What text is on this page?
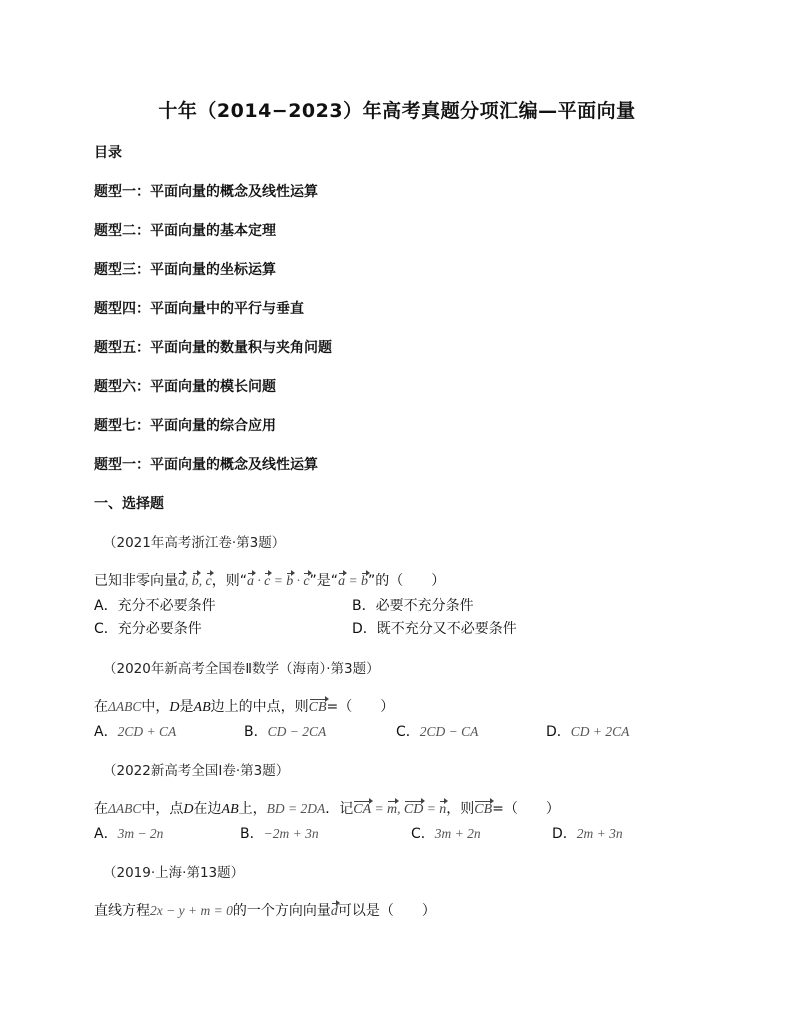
十年（2014−2023）年高考真题分项汇编—平面向量
目录
题型一：平面向量的概念及线性运算
题型二：平面向量的基本定理
题型三：平面向量的坐标运算
题型四：平面向量中的平行与垂直
题型五：平面向量的数量积与夹角问题
题型六：平面向量的模长问题
题型七：平面向量的综合应用
题型一：平面向量的概念及线性运算
一、选择题
（2021年高考浙江卷·第3题）
已知非零向量a, b, c，则“a · c = b · c”是“a = b”的（　　）
A．充分不必要条件	B．必要不充分条件
C．充分必要条件	D．既不充分又不必要条件
（2020年新高考全国卷Ⅱ数学（海南）·第3题）
在ΔABC中，D是AB边上的中点，则CB=（　　）
A．2CD + CA	B．CD − 2CA	C．2CD − CA	D．CD + 2CA
（2022新高考全国I卷·第3题）
在ΔABC中，点D在边AB上，BD = 2DA．记CA = m, CD = n，则CB=（　　）
A．3m − 2n	B．−2m + 3n	C．3m + 2n	D．2m + 3n
（2019·上海·第13题）
直线方程2x − y + m = 0的一个方向向量d可以是（　　）
